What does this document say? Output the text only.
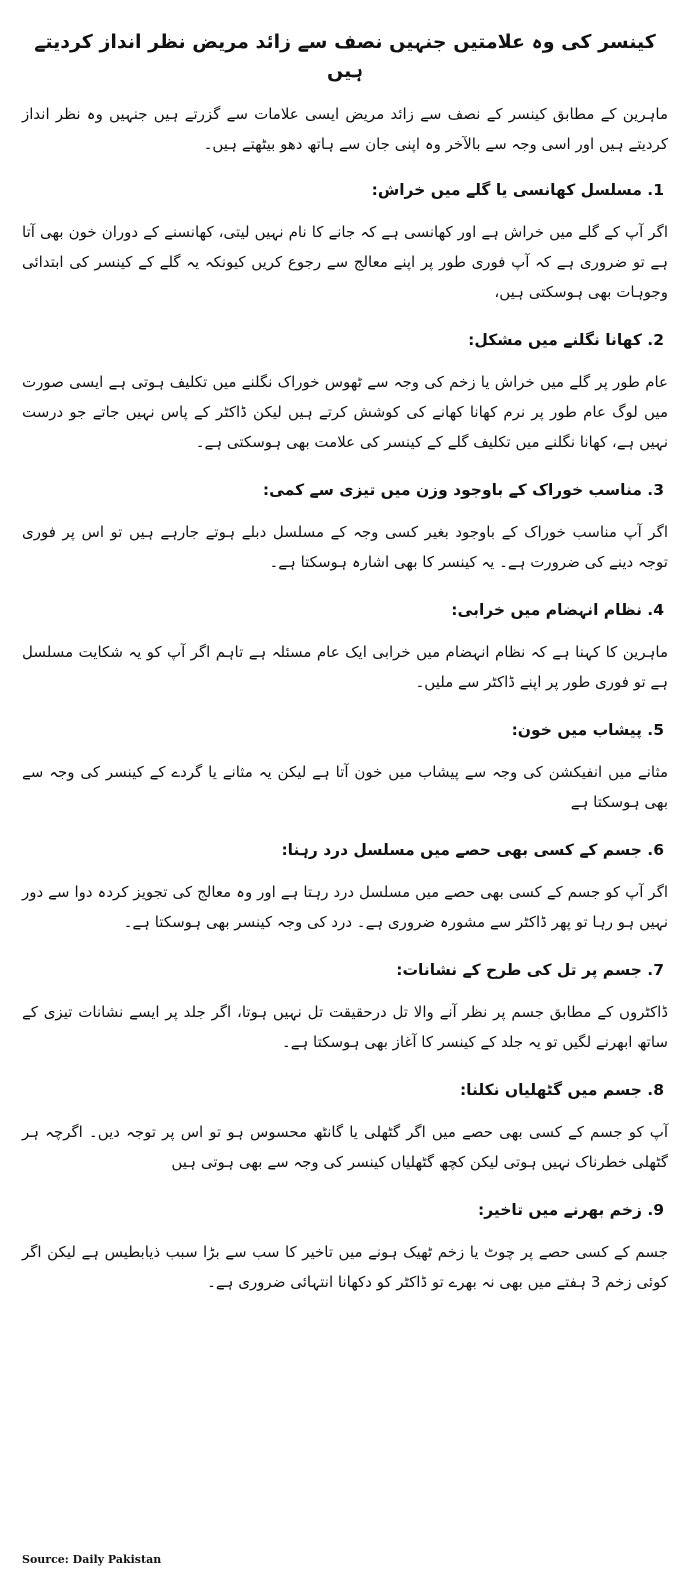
کینسر کی وہ علامتیں جنہیں نصف سے زائد مریض نظر انداز کردیتے ہیں

ماہرین کے مطابق کینسر کے نصف سے زائد مریض ایسی علامات سے گزرتے ہیں جنہیں وہ نظر انداز کردیتے ہیں اور اسی وجہ سے بالآخر وہ اپنی جان سے ہاتھ دھو بیٹھتے ہیں۔

1. مسلسل کھانسی یا گلے میں خراش:

اگر آپ کے گلے میں خراش ہے اور کھانسی ہے کہ جانے کا نام نہیں لیتی، کھانسنے کے دوران خون بھی آتا ہے تو ضروری ہے کہ آپ فوری طور پر اپنے معالج سے رجوع کریں کیونکہ یہ گلے کے کینسر کی ابتدائی وجوہات بھی ہوسکتی ہیں،

2. کھانا نگلنے میں مشکل:

عام طور پر گلے میں خراش یا زخم کی وجہ سے ٹھوس خوراک نگلنے میں تکلیف ہوتی ہے ایسی صورت میں لوگ عام طور پر نرم کھانا کھانے کی کوشش کرتے ہیں لیکن ڈاکٹر کے پاس نہیں جاتے جو درست نہیں ہے، کھانا نگلنے میں تکلیف گلے کے کینسر کی علامت بھی ہوسکتی ہے۔

3. مناسب خوراک کے باوجود وزن میں تیزی سے کمی:

اگر آپ مناسب خوراک کے باوجود بغیر کسی وجہ کے مسلسل دبلے ہوتے جارہے ہیں تو اس پر فوری توجہ دینے کی ضرورت ہے۔ یہ کینسر کا بھی اشارہ ہوسکتا ہے۔

4. نظام انہضام میں خرابی:

ماہرین کا کہنا ہے کہ نظام انہضام میں خرابی ایک عام مسئلہ ہے تاہم اگر آپ کو یہ شکایت مسلسل ہے تو فوری طور پر اپنے ڈاکٹر سے ملیں۔

5. پیشاب میں خون:

مثانے میں انفیکشن کی وجہ سے پیشاب میں خون آتا ہے لیکن یہ مثانے یا گردے کے کینسر کی وجہ سے بھی ہوسکتا ہے

6. جسم کے کسی بھی حصے میں مسلسل درد رہنا:

اگر آپ کو جسم کے کسی بھی حصے میں مسلسل درد رہتا ہے اور وہ معالج کی تجویز کردہ دوا سے دور نہیں ہو رہا تو پھر ڈاکٹر سے مشورہ ضروری ہے۔ درد کی وجہ کینسر بھی ہوسکتا ہے۔

7. جسم پر تل کی طرح کے نشانات:

ڈاکٹروں کے مطابق جسم پر نظر آنے والا تل درحقیقت تل نہیں ہوتا، اگر جلد پر ایسے نشانات تیزی کے ساتھ ابھرنے لگیں تو یہ جلد کے کینسر کا آغاز بھی ہوسکتا ہے۔

8. جسم میں گٹھلیاں نکلنا:

آپ کو جسم کے کسی بھی حصے میں اگر گٹھلی یا گانٹھ محسوس ہو تو اس پر توجہ دیں۔ اگرچہ ہر گٹھلی خطرناک نہیں ہوتی لیکن کچھ گٹھلیاں کینسر کی وجہ سے بھی ہوتی ہیں

9. زخم بھرنے میں تاخیر:

جسم کے کسی حصے پر چوٹ یا زخم ٹھیک ہونے میں تاخیر کا سب سے بڑا سبب ذیابطیس ہے لیکن اگر کوئی زخم 3 ہفتے میں بھی نہ بھرے تو ڈاکٹر کو دکھانا انتہائی ضروری ہے۔

Source: Daily Pakistan
